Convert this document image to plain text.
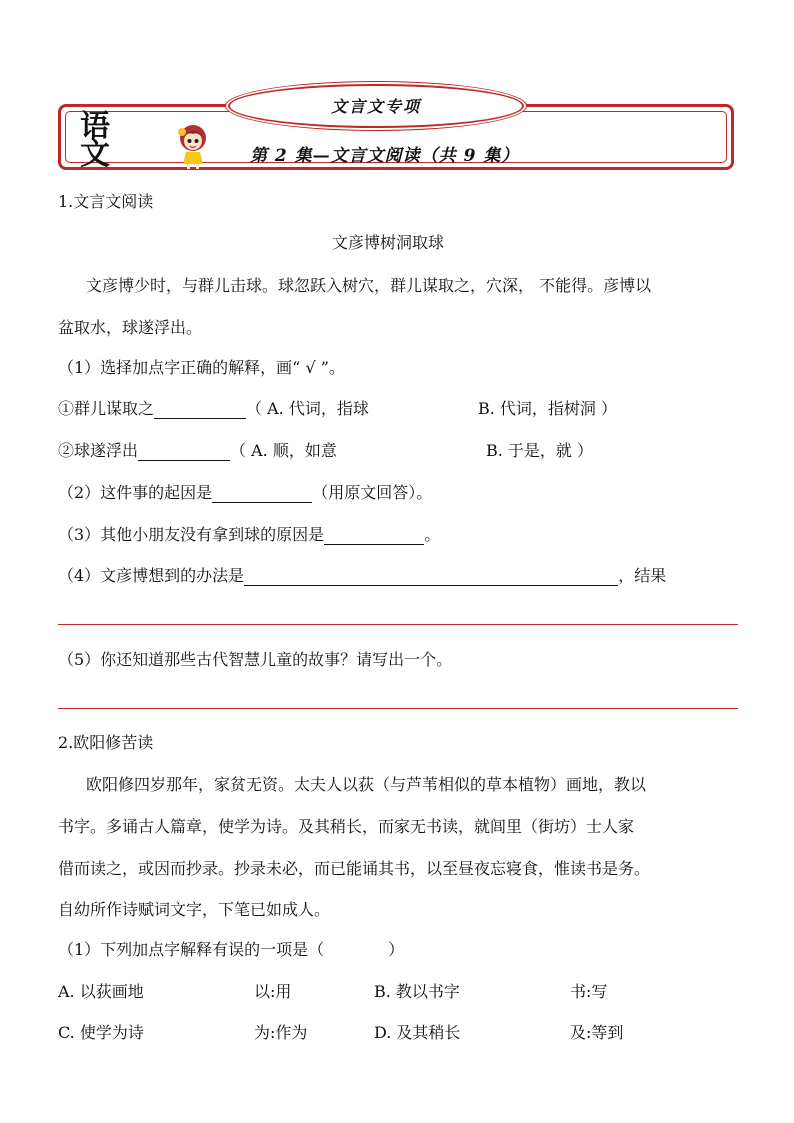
文言文专项
语
文	第 2 集—文言文阅读（共 9 集）
1.文言文阅读
文彦博树洞取球
文彦博少时，与群儿击球。球忽跃入树穴，群儿谋取之，穴深， 不能得。彦博以
盆取水，球遂浮出。
（1）选择加点字正确的解释，画“ √ ”。
①群儿谋取之	（ A. 代词，指球	B. 代词，指树洞 ）
②球遂浮出	（ A. 顺，如意	B. 于是，就 ）
（2）这件事的起因是	（用原文回答）。
（3）其他小朋友没有拿到球的原因是	。
（4）文彦博想到的办法是	，结果
（5）你还知道那些古代智慧儿童的故事？请写出一个。
2.欧阳修苦读
欧阳修四岁那年，家贫无资。太夫人以荻（与芦苇相似的草本植物）画地，教以
书字。多诵古人篇章，使学为诗。及其稍长，而家无书读，就闾里（街坊）士人家
借而读之，或因而抄录。抄录未必，而已能诵其书，以至昼夜忘寝食，惟读书是务。
自幼所作诗赋词文字，下笔已如成人。
（1）下列加点字解释有误的一项是（　　　　）
A. 以荻画地	以:用	B. 教以书字	书:写
C. 使学为诗	为:作为	D. 及其稍长	及:等到
